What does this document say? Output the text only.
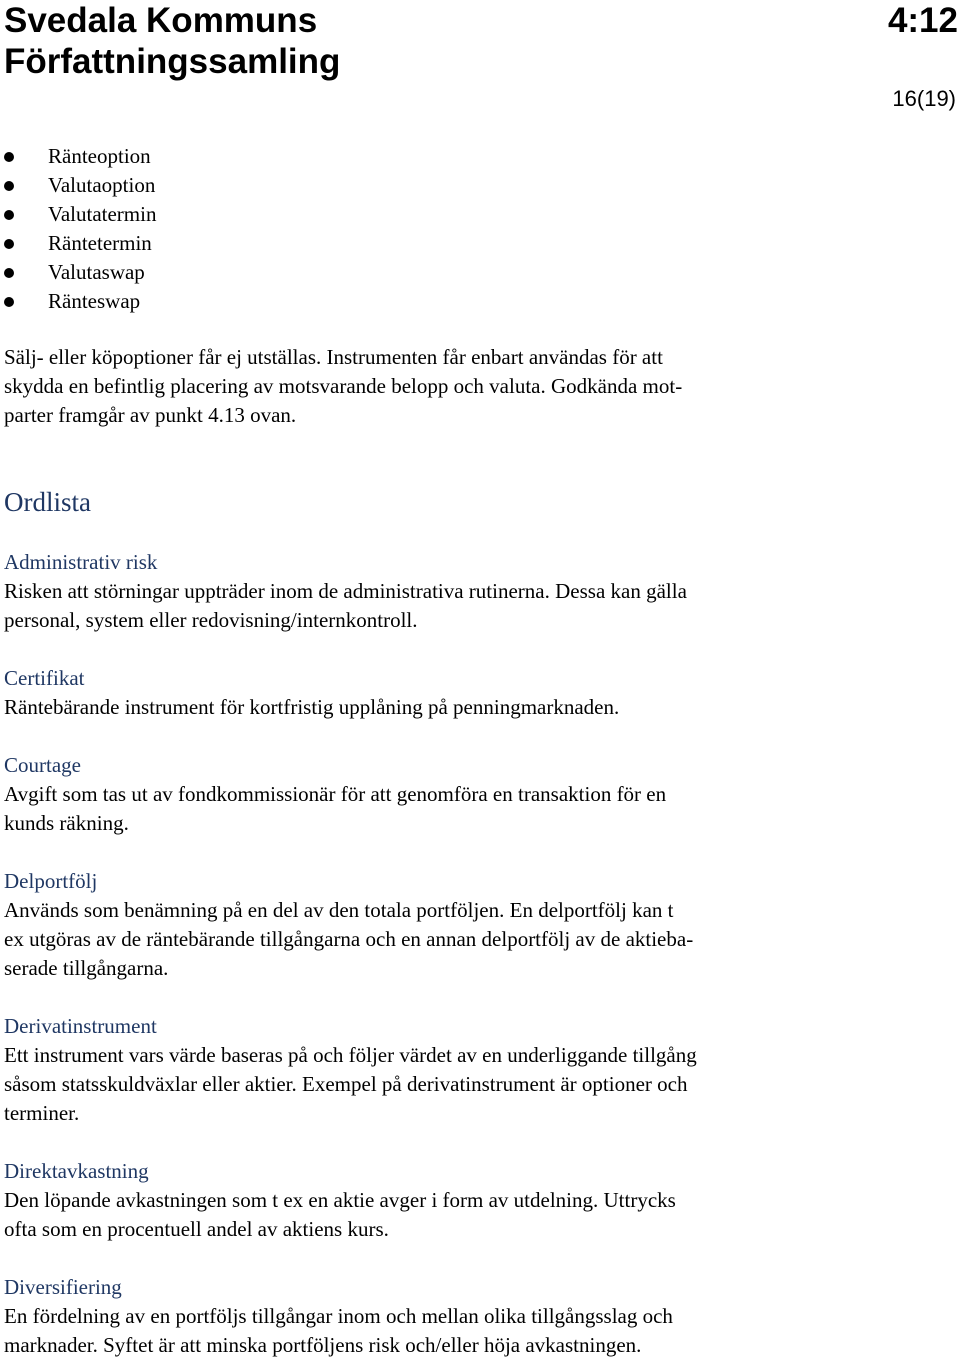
Svedala Kommuns
Författningssamling
4:12
16(19)
Ränteoption
Valutaoption
Valutatermin
Räntetermin
Valutaswap
Ränteswap
Sälj- eller köpoptioner får ej utställas. Instrumenten får enbart användas för att
skydda en befintlig placering av motsvarande belopp och valuta. Godkända mot-
parter framgår av punkt 4.13 ovan.
Ordlista
Administrativ risk
Risken att störningar uppträder inom de administrativa rutinerna. Dessa kan gälla
personal, system eller redovisning/internkontroll.
Certifikat
Räntebärande instrument för kortfristig upplåning på penningmarknaden.
Courtage
Avgift som tas ut av fondkommissionär för att genomföra en transaktion för en
kunds räkning.
Delportfölj
Används som benämning på en del av den totala portföljen. En delportfölj kan t
ex utgöras av de räntebärande tillgångarna och en annan delportfölj av de aktieba-
serade tillgångarna.
Derivatinstrument
Ett instrument vars värde baseras på och följer värdet av en underliggande tillgång
såsom statsskuldväxlar eller aktier. Exempel på derivatinstrument är optioner och
terminer.
Direktavkastning
Den löpande avkastningen som t ex en aktie avger i form av utdelning. Uttrycks
ofta som en procentuell andel av aktiens kurs.
Diversifiering
En fördelning av en portföljs tillgångar inom och mellan olika tillgångsslag och
marknader. Syftet är att minska portföljens risk och/eller höja avkastningen.
